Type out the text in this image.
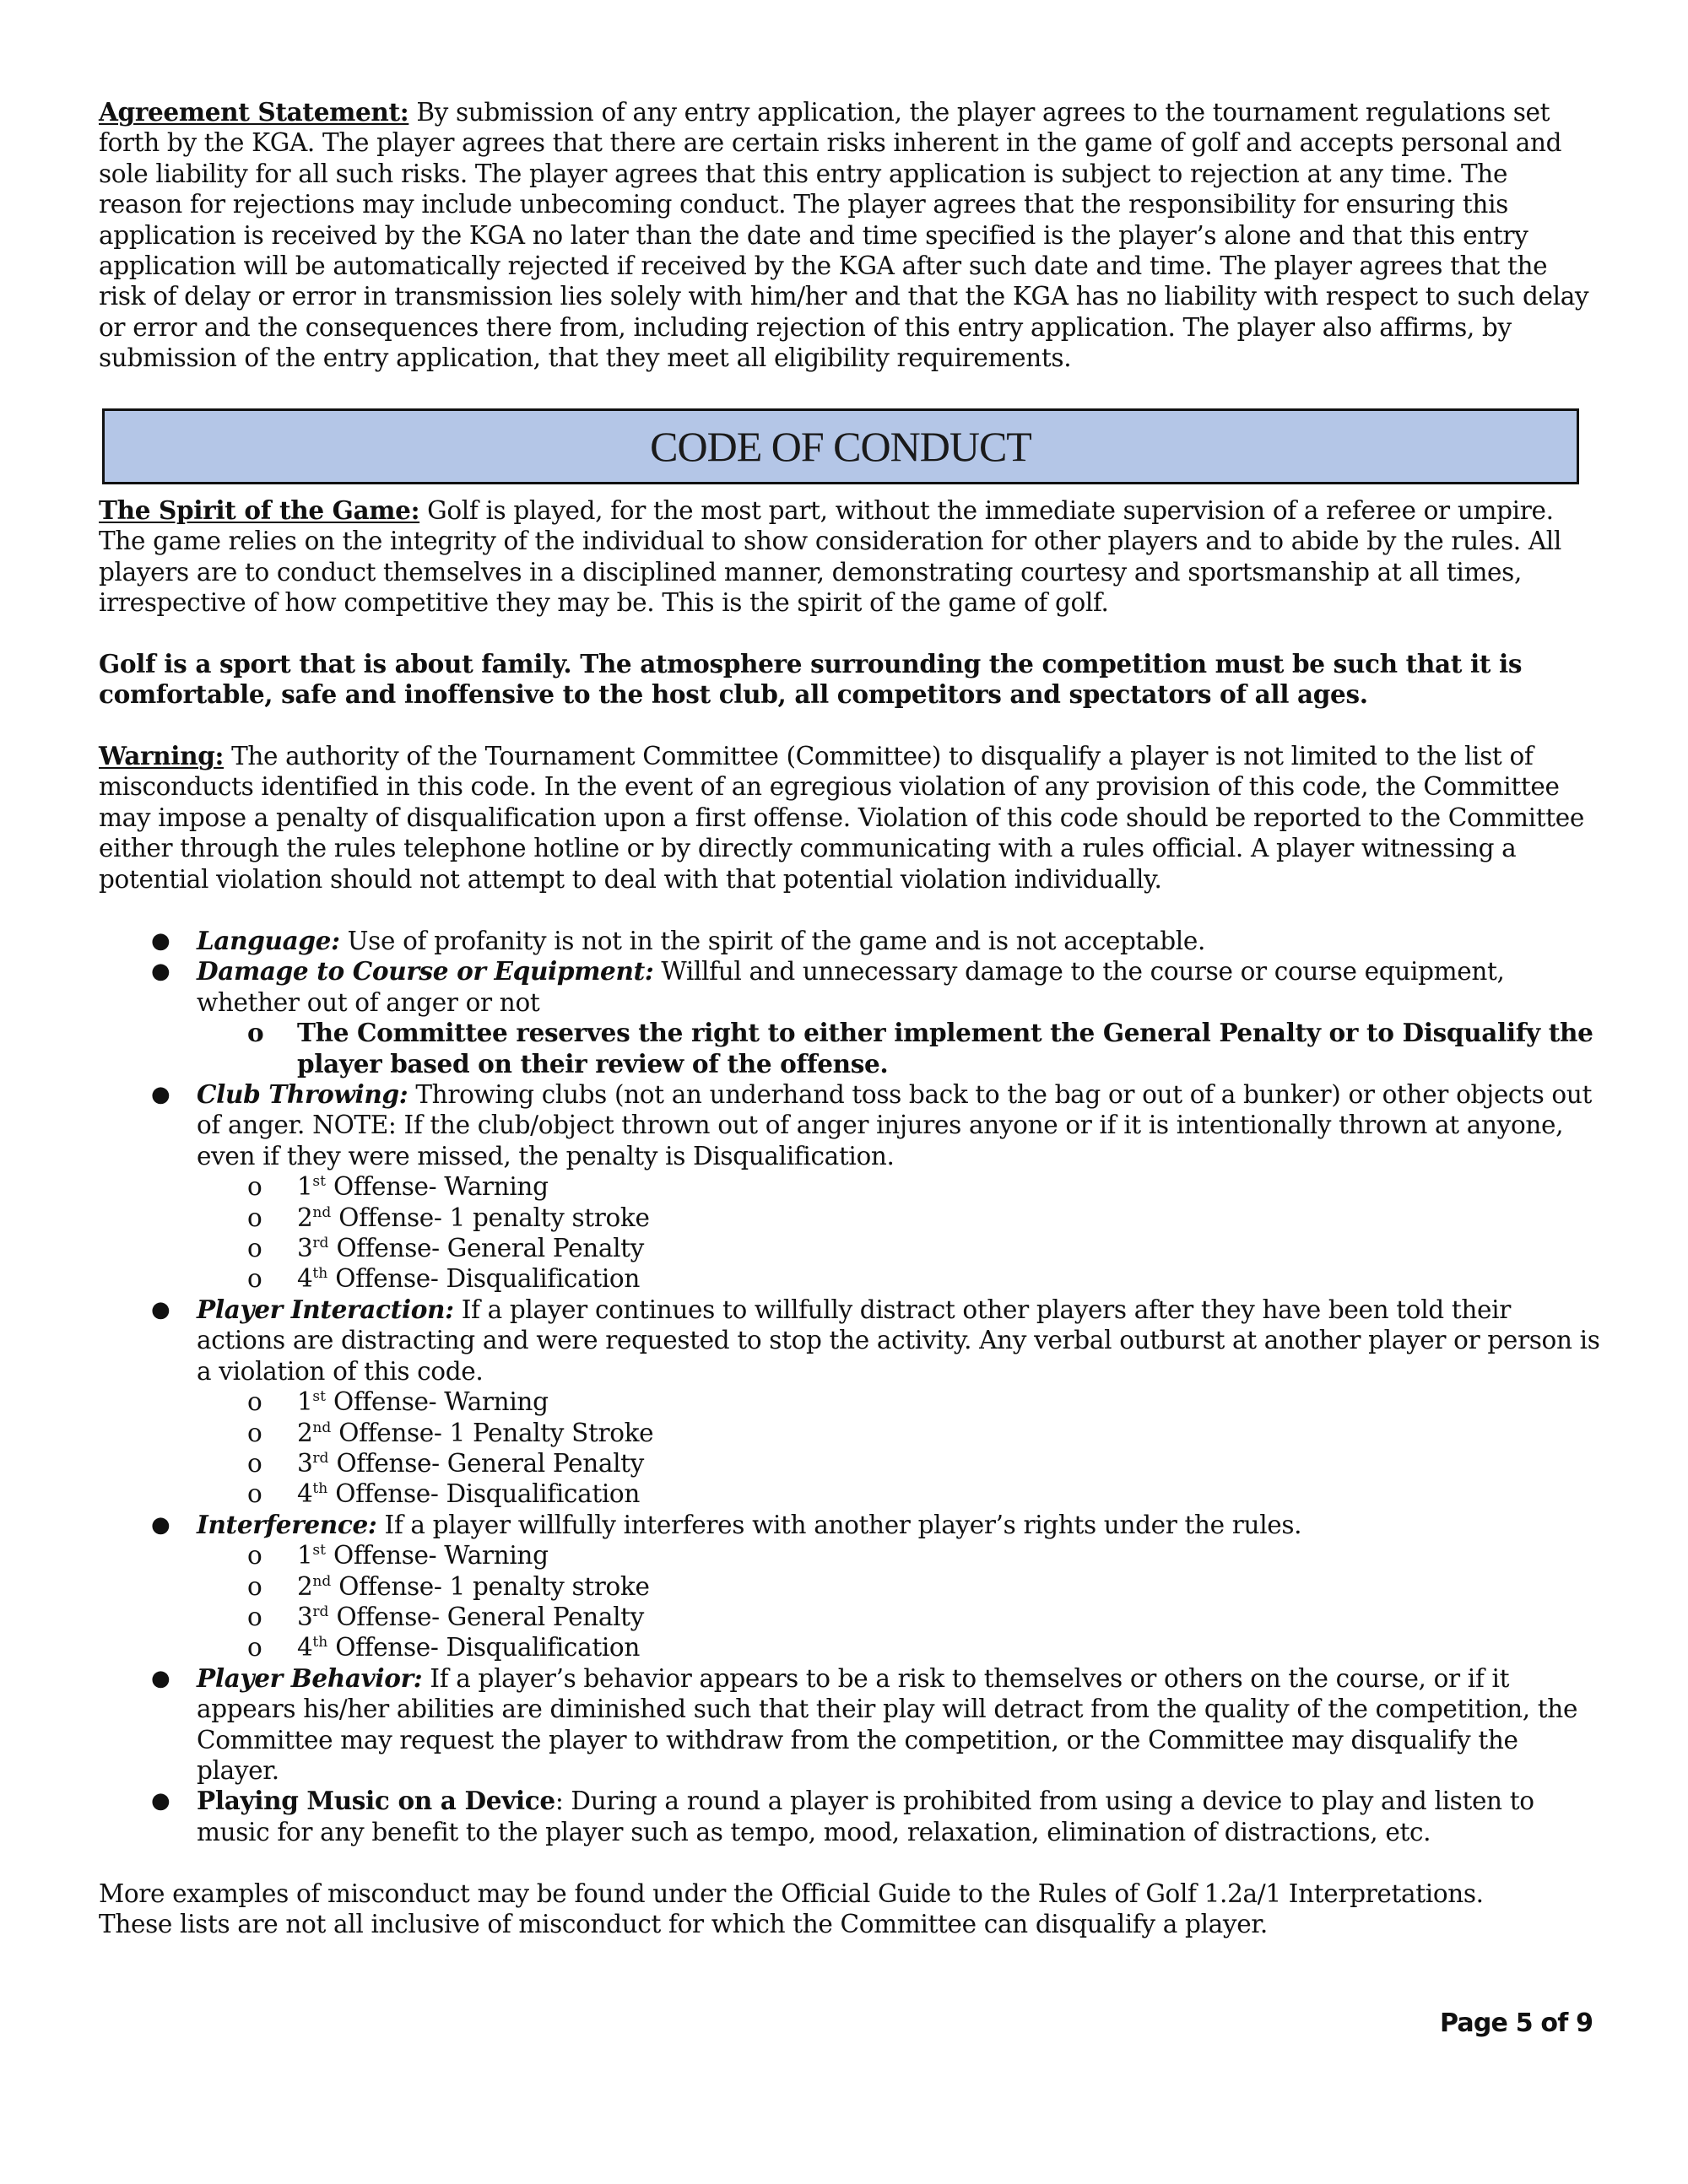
Agreement Statement: By submission of any entry application, the player agrees to the tournament regulations set forth by the KGA. The player agrees that there are certain risks inherent in the game of golf and accepts personal and sole liability for all such risks. The player agrees that this entry application is subject to rejection at any time. The reason for rejections may include unbecoming conduct. The player agrees that the responsibility for ensuring this application is received by the KGA no later than the date and time specified is the player’s alone and that this entry application will be automatically rejected if received by the KGA after such date and time. The player agrees that the risk of delay or error in transmission lies solely with him/her and that the KGA has no liability with respect to such delay or error and the consequences there from, including rejection of this entry application. The player also affirms, by submission of the entry application, that they meet all eligibility requirements.

CODE OF CONDUCT

The Spirit of the Game: Golf is played, for the most part, without the immediate supervision of a referee or umpire. The game relies on the integrity of the individual to show consideration for other players and to abide by the rules. All players are to conduct themselves in a disciplined manner, demonstrating courtesy and sportsmanship at all times, irrespective of how competitive they may be. This is the spirit of the game of golf.

Golf is a sport that is about family. The atmosphere surrounding the competition must be such that it is comfortable, safe and inoffensive to the host club, all competitors and spectators of all ages.

Warning: The authority of the Tournament Committee (Committee) to disqualify a player is not limited to the list of misconducts identified in this code. In the event of an egregious violation of any provision of this code, the Committee may impose a penalty of disqualification upon a first offense. Violation of this code should be reported to the Committee either through the rules telephone hotline or by directly communicating with a rules official. A player witnessing a potential violation should not attempt to deal with that potential violation individually.

● Language: Use of profanity is not in the spirit of the game and is not acceptable.
● Damage to Course or Equipment: Willful and unnecessary damage to the course or course equipment, whether out of anger or not
o The Committee reserves the right to either implement the General Penalty or to Disqualify the player based on their review of the offense.
● Club Throwing: Throwing clubs (not an underhand toss back to the bag or out of a bunker) or other objects out of anger. NOTE: If the club/object thrown out of anger injures anyone or if it is intentionally thrown at anyone, even if they were missed, the penalty is Disqualification.
o 1st Offense- Warning
o 2nd Offense- 1 penalty stroke
o 3rd Offense- General Penalty
o 4th Offense- Disqualification
● Player Interaction: If a player continues to willfully distract other players after they have been told their actions are distracting and were requested to stop the activity. Any verbal outburst at another player or person is a violation of this code.
o 1st Offense- Warning
o 2nd Offense- 1 Penalty Stroke
o 3rd Offense- General Penalty
o 4th Offense- Disqualification
● Interference: If a player willfully interferes with another player’s rights under the rules.
o 1st Offense- Warning
o 2nd Offense- 1 penalty stroke
o 3rd Offense- General Penalty
o 4th Offense- Disqualification
● Player Behavior: If a player’s behavior appears to be a risk to themselves or others on the course, or if it appears his/her abilities are diminished such that their play will detract from the quality of the competition, the Committee may request the player to withdraw from the competition, or the Committee may disqualify the player.
● Playing Music on a Device: During a round a player is prohibited from using a device to play and listen to music for any benefit to the player such as tempo, mood, relaxation, elimination of distractions, etc.

More examples of misconduct may be found under the Official Guide to the Rules of Golf 1.2a/1 Interpretations.

These lists are not all inclusive of misconduct for which the Committee can disqualify a player.

Page 5 of 9
